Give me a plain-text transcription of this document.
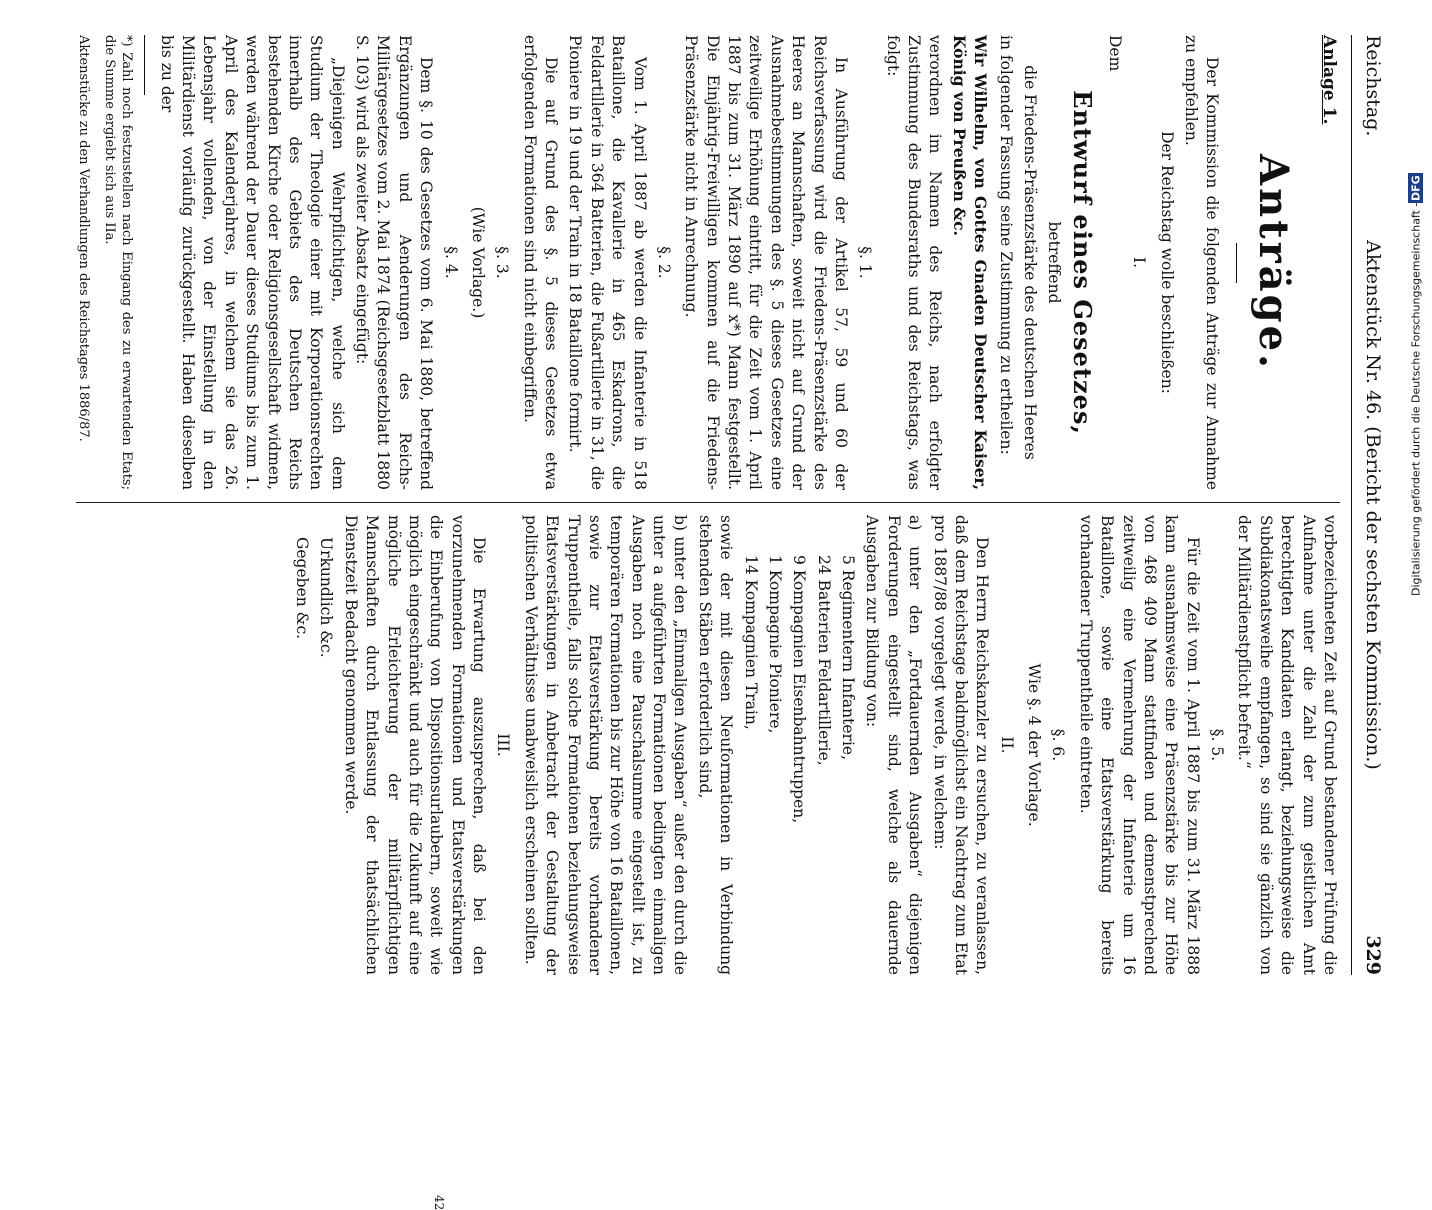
Reichstag.
Aktenstück Nr. 46. (Bericht der sechsten Kommission.)
329

Anlage 1.

Anträge.

Der Kommission die folgenden Anträge zur Annahme zu empfehlen.

Der Reichstag wolle beschließen:

I.

Dem

Entwurf eines Gesetzes,

betreffend

die Friedens-Präsenzstärke des deutschen Heeres

in folgender Fassung seine Zustimmung zu ertheilen:

Wir Wilhelm, von Gottes Gnaden Deutscher Kaiser, König von Preußen &c.

verordnen im Namen des Reichs, nach erfolgter Zustimmung des Bundesraths und des Reichstags, was folgt:

§. 1.

In Ausführung der Artikel 57, 59 und 60 der Reichsverfassung wird die Friedens-Präsenzstärke des Heeres an Mannschaften, soweit nicht auf Grund der Ausnahmebestimmungen des §. 5 dieses Gesetzes eine zeitweilige Erhöhung eintritt, für die Zeit vom 1. April 1887 bis zum 31. März 1890 auf x*) Mann festgestellt. Die Einjährig-Freiwilligen kommen auf die Friedens-Präsenzstärke nicht in Anrechnung.

§. 2.

Vom 1. April 1887 ab werden die Infanterie in 518 Bataillone, die Kavallerie in 465 Eskadrons, die Feldartillerie in 364 Batterien, die Fußartillerie in 31, die Pioniere in 19 und der Train in 18 Bataillone formirt.

Die auf Grund des §. 5 dieses Gesetzes etwa erfolgenden Formationen sind nicht einbegriffen.

§. 3.

(Wie Vorlage.)

§. 4.

Dem §. 10 des Gesetzes vom 6. Mai 1880, betreffend Ergänzungen und Aenderungen des Reichs-Militärgesetzes vom 2. Mai 1874 (Reichsgesetzblatt 1880 S. 103) wird als zweiter Absatz eingefügt:

„Diejenigen Wehrpflichtigen, welche sich dem Studium der Theologie einer mit Korporationsrechten innerhalb des Gebiets des Deutschen Reichs bestehenden Kirche oder Religionsgesellschaft widmen, werden während der Dauer dieses Studiums bis zum 1. April des Kalenderjahres, in welchem sie das 26. Lebensjahr vollenden, von der Einstellung in den Militärdienst vorläufig zurückgestellt. Haben dieselben bis zu der

*) Zahl noch festzustellen nach Eingang des zu erwartenden Etats; die Summe ergiebt sich aus IIa.

Aktenstücke zu den Verhandlungen des Reichstages 1886/87.

vorbezeichneten Zeit auf Grund bestandener Prüfung die Aufnahme unter die Zahl der zum geistlichen Amt berechtigten Kandidaten erlangt, beziehungsweise die Subdiakonatsweihe empfangen, so sind sie gänzlich von der Militärdienstpflicht befreit.“

§. 5.

Für die Zeit vom 1. April 1887 bis zum 31. März 1888 kann ausnahmsweise eine Präsenzstärke bis zur Höhe von 468 409 Mann stattfinden und demenstprechend zeitweilig eine Vermehrung der Infanterie um 16 Bataillone, sowie eine Etatsverstärkung bereits vorhandener Truppentheile eintreten.

§. 6.

Wie §. 4 der Vorlage.

II.

Den Herrn Reichskanzler zu ersuchen, zu veranlassen, daß dem Reichstage baldmöglichst ein Nachtrag zum Etat pro 1887/88 vorgelegt werde, in welchem:

a) unter den „Fortdauernden Ausgaben“ diejenigen Forderungen eingestellt sind, welche als dauernde Ausgaben zur Bildung von:

5 Regimentern Infanterie,

24 Batterien Feldartillerie,

9 Kompagnien Eisenbahntruppen,

1 Kompagnie Pioniere,

14 Kompagnien Train,

sowie der mit diesen Neuformationen in Verbindung stehenden Stäben erforderlich sind,

b) unter den „Einmaligen Ausgaben“ außer den durch die unter a aufgeführten Formationen bedingten einmaligen Ausgaben noch eine Pauschalsumme eingestellt ist, zu temporären Formationen bis zur Höhe von 16 Bataillonen, sowie zur Etatsverstärkung bereits vorhandener Truppentheile, falls solche Formationen beziehungsweise Etatsverstärkungen in Anbetracht der Gestaltung der politischen Verhältnisse unabweislich erscheinen sollten.

III.

Die Erwartung auszusprechen, daß bei den vorzunehmenden Formationen und Etatsverstärkungen die Einberufung von Dispositionsurlaubern, soweit wie möglich eingeschränkt und auch für die Zukunft auf eine mögliche Erleichterung der militärpflichtigen Mannschaften durch Entlassung der thatsächlichen Dienstzeit Bedacht genommen werde.

Urkundlich &c.

Gegeben &c.

42
Digitalisierung gefördert durch die Deutsche Forschungsgemeinschaft -
DFG
